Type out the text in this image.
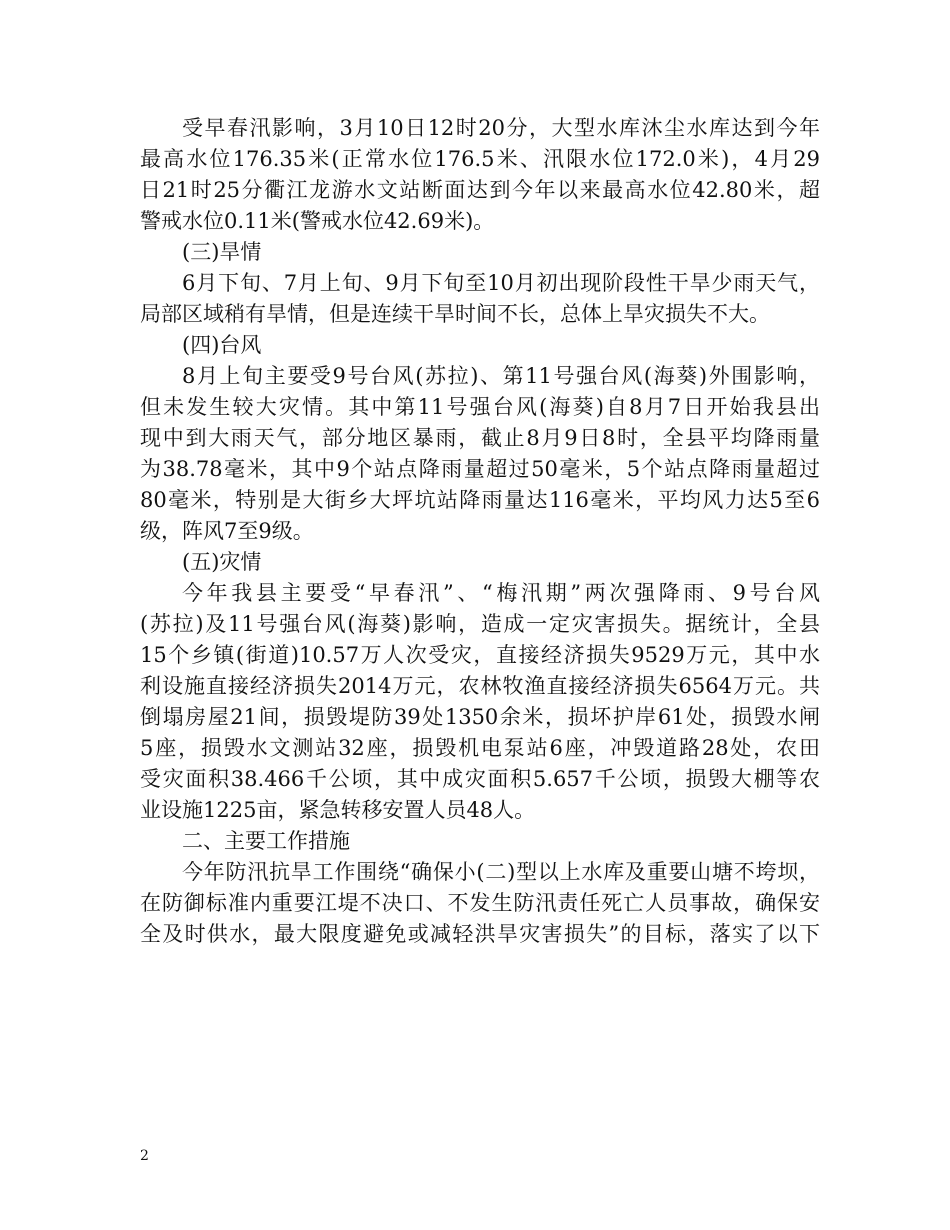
受早春汛影响，3月10日12时20分，大型水库沐尘水库达到今年

最高水位176.35米(正常水位176.5米、汛限水位172.0米)，4月29

日21时25分衢江龙游水文站断面达到今年以来最高水位42.80米，超

警戒水位0.11米(警戒水位42.69米)。

(三)旱情

6月下旬、7月上旬、9月下旬至10月初出现阶段性干旱少雨天气，

局部区域稍有旱情，但是连续干旱时间不长，总体上旱灾损失不大。

(四)台风

8月上旬主要受9号台风(苏拉)、第11号强台风(海葵)外围影响，

但未发生较大灾情。其中第11号强台风(海葵)自8月7日开始我县出

现中到大雨天气，部分地区暴雨，截止8月9日8时，全县平均降雨量

为38.78毫米，其中9个站点降雨量超过50毫米，5个站点降雨量超过

80毫米，特别是大街乡大坪坑站降雨量达116毫米，平均风力达5至6

级，阵风7至9级。

(五)灾情

今年我县主要受“早春汛”、“梅汛期”两次强降雨、9号台风

(苏拉)及11号强台风(海葵)影响，造成一定灾害损失。据统计，全县

15个乡镇(街道)10.57万人次受灾，直接经济损失9529万元，其中水

利设施直接经济损失2014万元，农林牧渔直接经济损失6564万元。共

倒塌房屋21间，损毁堤防39处1350余米，损坏护岸61处，损毁水闸

5座，损毁水文测站32座，损毁机电泵站6座，冲毁道路28处，农田

受灾面积38.466千公顷，其中成灾面积5.657千公顷，损毁大棚等农

业设施1225亩，紧急转移安置人员48人。

二、主要工作措施

今年防汛抗旱工作围绕“确保小(二)型以上水库及重要山塘不垮坝，

在防御标准内重要江堤不决口、不发生防汛责任死亡人员事故，确保安

全及时供水，最大限度避免或减轻洪旱灾害损失”的目标，落实了以下

2
